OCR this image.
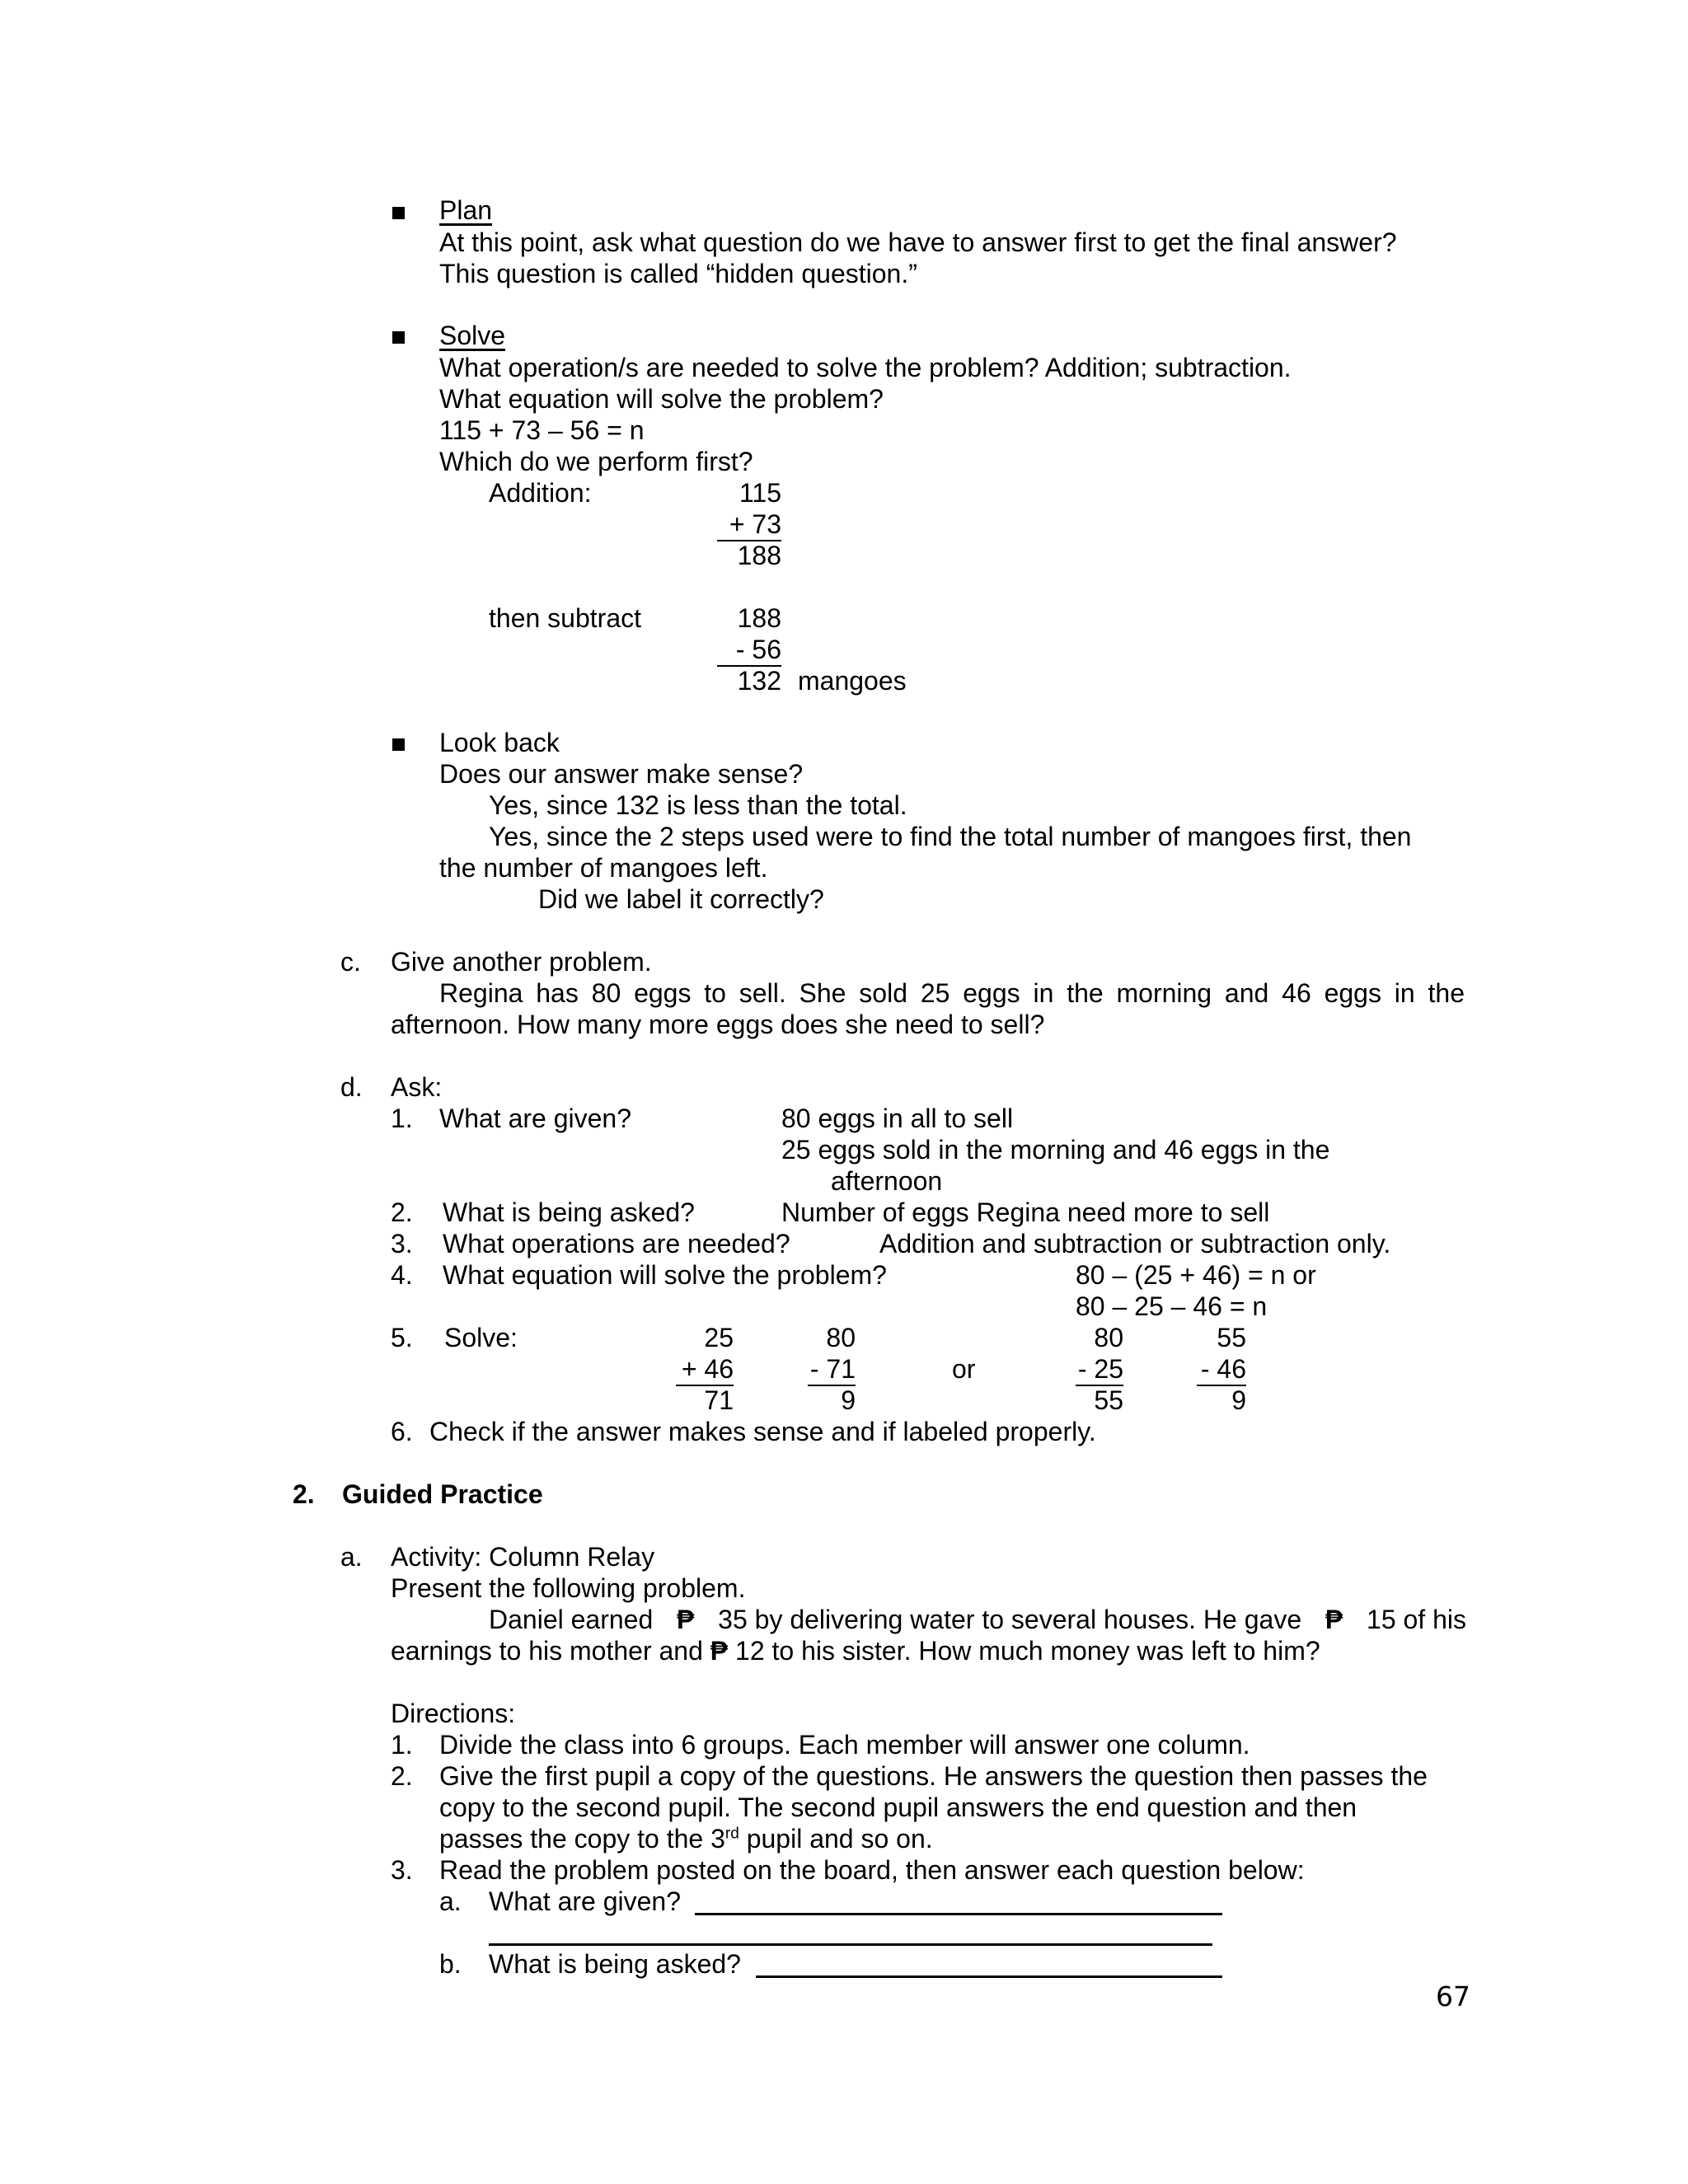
Plan
At this point, ask what question do we have to answer first to get the final answer?
This question is called “hidden question.”
Solve
What operation/s are needed to solve the problem? Addition; subtraction.
What equation will solve the problem?
115 + 73 – 56 = n
Which do we perform first?
Addition:	115
+ 73
188
then subtract	188
- 56
132 mangoes
Look back
Does our answer make sense?
Yes, since 132 is less than the total.
Yes, since the 2 steps used were to find the total number of mangoes first, then
the number of mangoes left.
Did we label it correctly?
c. Give another problem.
Regina has 80 eggs to sell. She sold 25 eggs in the morning and 46 eggs in the
afternoon. How many more eggs does she need to sell?
d. Ask:
1. What are given?	80 eggs in all to sell
25 eggs sold in the morning and 46 eggs in the
afternoon
2. What is being asked?	Number of eggs Regina need more to sell
3. What operations are needed?	Addition and subtraction or subtraction only.
4. What equation will solve the problem?	80 – (25 + 46) = n or
80 – 25 – 46 = n
5. Solve:	25
+ 46
71
80
- 71
9
or
80
- 25
55
55
- 46
9
6. Check if the answer makes sense and if labeled properly.
2. Guided Practice
a. Activity: Column Relay
Present the following problem.
Daniel earned ₱ 35 by delivering water to several houses. He gave ₱ 15 of his
earnings to his mother and ₱ 12 to his sister. How much money was left to him?
Directions:
1. Divide the class into 6 groups. Each member will answer one column.
2. Give the first pupil a copy of the questions. He answers the question then passes the
copy to the second pupil. The second pupil answers the end question and then
passes the copy to the 3rd pupil and so on.
3. Read the problem posted on the board, then answer each question below:
a. What are given?
b. What is being asked?
67
